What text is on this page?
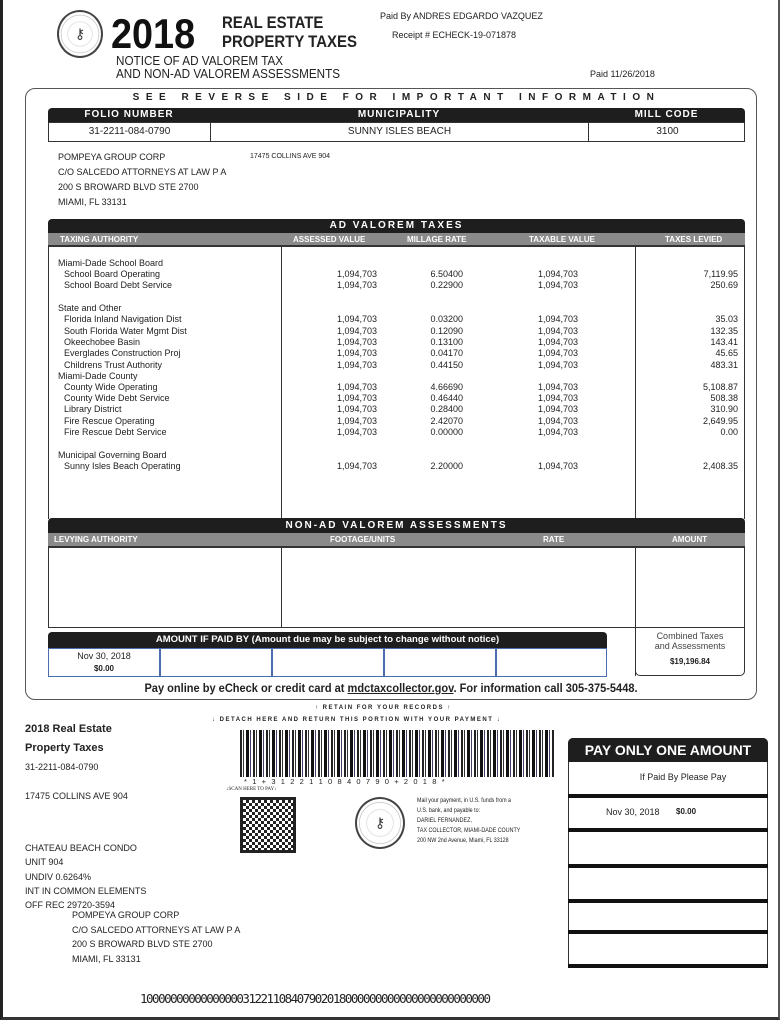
⚷ 2018 REAL ESTATE
PROPERTY TAXES
NOTICE OF AD VALOREM TAX
AND NON-AD VALOREM ASSESSMENTS
Paid By ANDRES EDGARDO VAZQUEZ
Receipt # ECHECK-19-071878
Paid 11/26/2018
SEE REVERSE SIDE FOR IMPORTANT INFORMATION
FOLIO NUMBER	MUNICIPALITY	MILL CODE
31-2211-084-0790	SUNNY ISLES BEACH	3100
POMPEYA GROUP CORP
C/O SALCEDO ATTORNEYS AT LAW P A
200 S BROWARD BLVD STE 2700
MIAMI, FL 33131
17475 COLLINS AVE 904
AD VALOREM TAXES
TAXING AUTHORITY	ASSESSED VALUE	MILLAGE RATE	TAXABLE VALUE	TAXES LEVIED
Miami-Dade School Board
School Board Operating	1,094,703	6.50400	1,094,703	7,119.95
School Board Debt Service	1,094,703	0.22900	1,094,703	250.69
State and Other
Florida Inland Navigation Dist	1,094,703	0.03200	1,094,703	35.03
South Florida Water Mgmt Dist	1,094,703	0.12090	1,094,703	132.35
Okeechobee Basin	1,094,703	0.13100	1,094,703	143.41
Everglades Construction Proj	1,094,703	0.04170	1,094,703	45.65
Childrens Trust Authority	1,094,703	0.44150	1,094,703	483.31
Miami-Dade County
County Wide Operating	1,094,703	4.66690	1,094,703	5,108.87
County Wide Debt Service	1,094,703	0.46440	1,094,703	508.38
Library District	1,094,703	0.28400	1,094,703	310.90
Fire Rescue Operating	1,094,703	2.42070	1,094,703	2,649.95
Fire Rescue Debt Service	1,094,703	0.00000	1,094,703	0.00
Municipal Governing Board
Sunny Isles Beach Operating	1,094,703	2.20000	1,094,703	2,408.35
NON-AD VALOREM ASSESSMENTS
LEVYING AUTHORITY	FOOTAGE/UNITS	RATE	AMOUNT
AMOUNT IF PAID BY (Amount due may be subject to change without notice)
Nov 30, 2018
$0.00
Combined Taxes
and Assessments
$19,196.84
Pay online by eCheck or credit card at mdctaxcollector.gov. For information call 305-375-5448.
↑ RETAIN FOR YOUR RECORDS ↑
↓ DETACH HERE AND RETURN THIS PORTION WITH YOUR PAYMENT ↓
2018 Real Estate
Property Taxes
31-2211-084-0790
17475 COLLINS AVE 904
CHATEAU BEACH CONDO
UNIT 904
UNDIV 0.6264%
INT IN COMMON ELEMENTS
OFF REC 29720-3594
POMPEYA GROUP CORP
C/O SALCEDO ATTORNEYS AT LAW P A
200 S BROWARD BLVD STE 2700
MIAMI, FL 33131
* 1 + 3 1 2 2 1 1 0 8 4 0 7 9 0 + 2 0 1 8 *
↓SCAN HERE TO PAY↓
⚷
Mail your payment, in U.S. funds from a
U.S. bank, and payable to:
DARIEL FERNANDEZ,
TAX COLLECTOR, MIAMI-DADE COUNTY
200 NW 2nd Avenue, Miami, FL 33128
PAY ONLY ONE AMOUNT
If Paid By Please Pay
Nov 30, 2018 $0.00
1000000000000000031221108407902018000000000000000000000000
